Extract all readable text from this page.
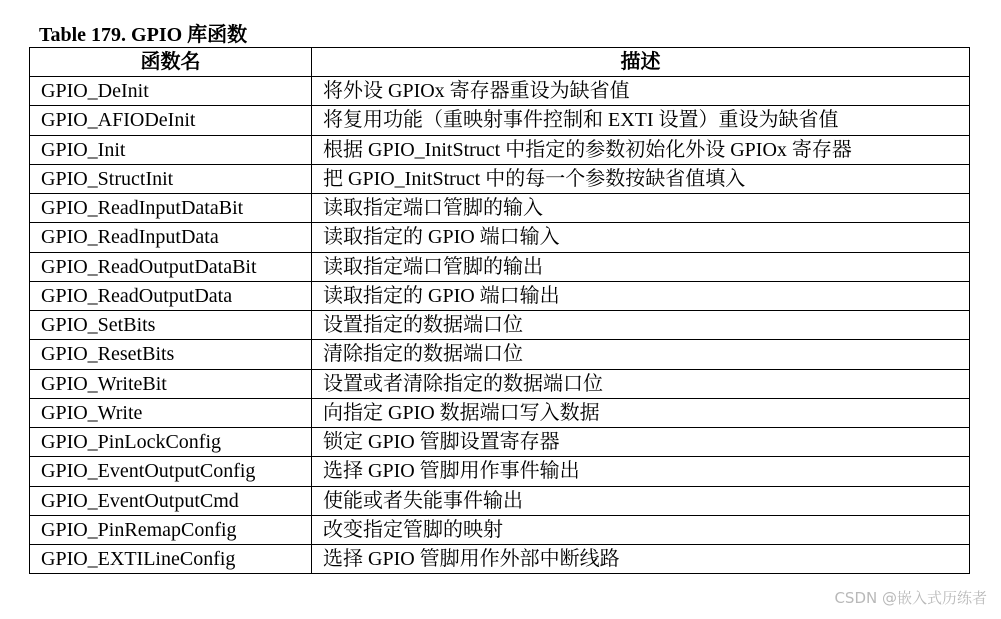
Table 179. GPIO 库函数
函数名	描述
GPIO_DeInit	将外设 GPIOx 寄存器重设为缺省值
GPIO_AFIODeInit	将复用功能（重映射事件控制和 EXTI 设置）重设为缺省值
GPIO_Init	根据 GPIO_InitStruct 中指定的参数初始化外设 GPIOx 寄存器
GPIO_StructInit	把 GPIO_InitStruct 中的每一个参数按缺省值填入
GPIO_ReadInputDataBit	读取指定端口管脚的输入
GPIO_ReadInputData	读取指定的 GPIO 端口输入
GPIO_ReadOutputDataBit	读取指定端口管脚的输出
GPIO_ReadOutputData	读取指定的 GPIO 端口输出
GPIO_SetBits	设置指定的数据端口位
GPIO_ResetBits	清除指定的数据端口位
GPIO_WriteBit	设置或者清除指定的数据端口位
GPIO_Write	向指定 GPIO 数据端口写入数据
GPIO_PinLockConfig	锁定 GPIO 管脚设置寄存器
GPIO_EventOutputConfig	选择 GPIO 管脚用作事件输出
GPIO_EventOutputCmd	使能或者失能事件输出
GPIO_PinRemapConfig	改变指定管脚的映射
GPIO_EXTILineConfig	选择 GPIO 管脚用作外部中断线路
CSDN @嵌入式历练者
